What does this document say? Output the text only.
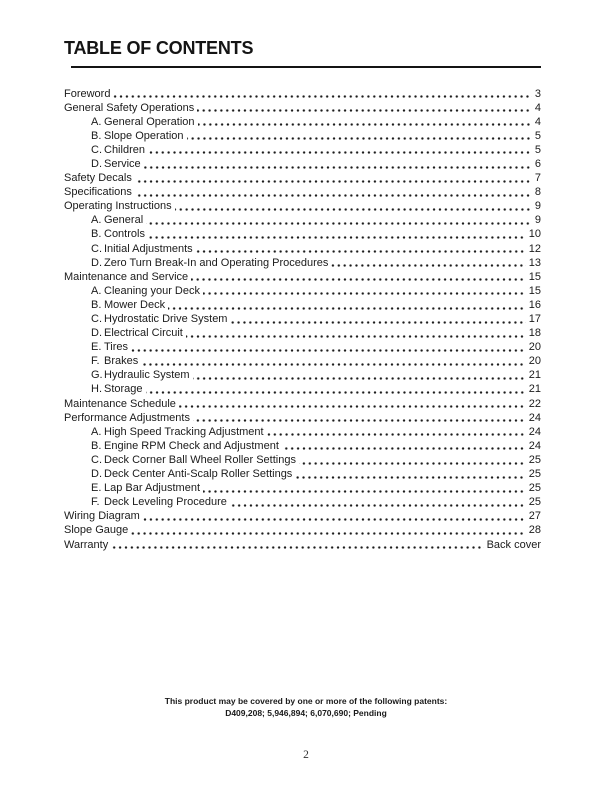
TABLE OF CONTENTS
Foreword	3
General Safety Operations	4
A. General Operation	4
B. Slope Operation	5
C. Children	5
D. Service	6
Safety Decals	7
Specifications	8
Operating Instructions	9
A. General	9
B. Controls	10
C. Initial Adjustments	12
D. Zero Turn Break-In and Operating Procedures	13
Maintenance and Service	15
A. Cleaning your Deck	15
B. Mower Deck	16
C. Hydrostatic Drive System	17
D. Electrical Circuit	18
E. Tires	20
F. Brakes	20
G. Hydraulic System	21
H. Storage	21
Maintenance Schedule	22
Performance Adjustments	24
A. High Speed Tracking Adjustment	24
B. Engine RPM Check and Adjustment	24
C. Deck Corner Ball Wheel Roller Settings	25
D. Deck Center Anti-Scalp Roller Settings	25
E. Lap Bar Adjustment	25
F. Deck Leveling Procedure	25
Wiring Diagram	27
Slope Gauge	28
Warranty	Back cover
This product may be covered by one or more of the following patents:
D409,208; 5,946,894; 6,070,690; Pending
2
